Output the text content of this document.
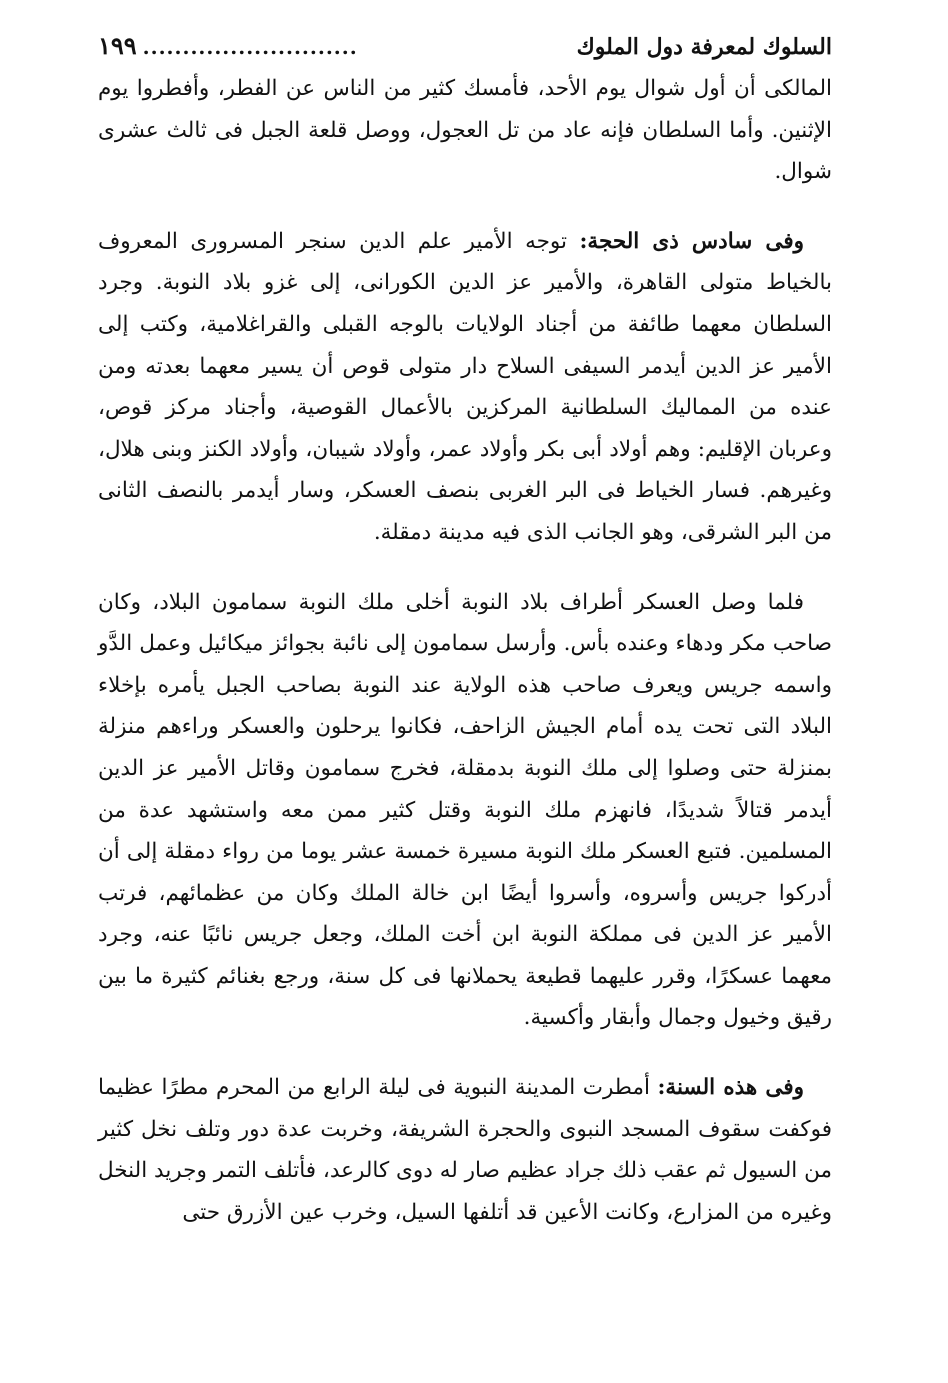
السلوك لمعرفة دول الملوك
١٩٩ ...........................

المالكى أن أول شوال يوم الأحد، فأمسك كثير من الناس عن الفطر، وأفطروا يوم الإثنين. وأما السلطان فإنه عاد من تل العجول، ووصل قلعة الجبل فى ثالث عشرى شوال.

وفى سادس ذى الحجة: توجه الأمير علم الدين سنجر المسرورى المعروف بالخياط متولى القاهرة، والأمير عز الدين الكورانى، إلى غزو بلاد النوبة. وجرد السلطان معهما طائفة من أجناد الولايات بالوجه القبلى والقراغلامية، وكتب إلى الأمير عز الدين أيدمر السيفى السلاح دار متولى قوص أن يسير معهما بعدته ومن عنده من المماليك السلطانية المركزين بالأعمال القوصية، وأجناد مركز قوص، وعربان الإقليم: وهم أولاد أبى بكر وأولاد عمر، وأولاد شيبان، وأولاد الكنز وبنى هلال، وغيرهم. فسار الخياط فى البر الغربى بنصف العسكر، وسار أيدمر بالنصف الثانى من البر الشرقى، وهو الجانب الذى فيه مدينة دمقلة.

فلما وصل العسكر أطراف بلاد النوبة أخلى ملك النوبة سمامون البلاد، وكان صاحب مكر ودهاء وعنده بأس. وأرسل سمامون إلى نائبة بجوائز ميكائيل وعمل الدَّو واسمه جريس ويعرف صاحب هذه الولاية عند النوبة بصاحب الجبل يأمره بإخلاء البلاد التى تحت يده أمام الجيش الزاحف، فكانوا يرحلون والعسكر وراءهم منزلة بمنزلة حتى وصلوا إلى ملك النوبة بدمقلة، فخرج سمامون وقاتل الأمير عز الدين أيدمر قتالاً شديدًا، فانهزم ملك النوبة وقتل كثير ممن معه واستشهد عدة من المسلمين. فتبع العسكر ملك النوبة مسيرة خمسة عشر يوما من رواء دمقلة إلى أن أدركوا جريس وأسروه، وأسروا أيضًا ابن خالة الملك وكان من عظمائهم، فرتب الأمير عز الدين فى مملكة النوبة ابن أخت الملك، وجعل جريس نائبًا عنه، وجرد معهما عسكرًا، وقرر عليهما قطيعة يحملانها فى كل سنة، ورجع بغنائم كثيرة ما بين رقيق وخيول وجمال وأبقار وأكسية.

وفى هذه السنة: أمطرت المدينة النبوية فى ليلة الرابع من المحرم مطرًا عظيما فوكفت سقوف المسجد النبوى والحجرة الشريفة، وخربت عدة دور وتلف نخل كثير من السيول ثم عقب ذلك جراد عظيم صار له دوى كالرعد، فأتلف التمر وجريد النخل وغيره من المزارع، وكانت الأعين قد أتلفها السيل، وخرب عين الأزرق حتى
